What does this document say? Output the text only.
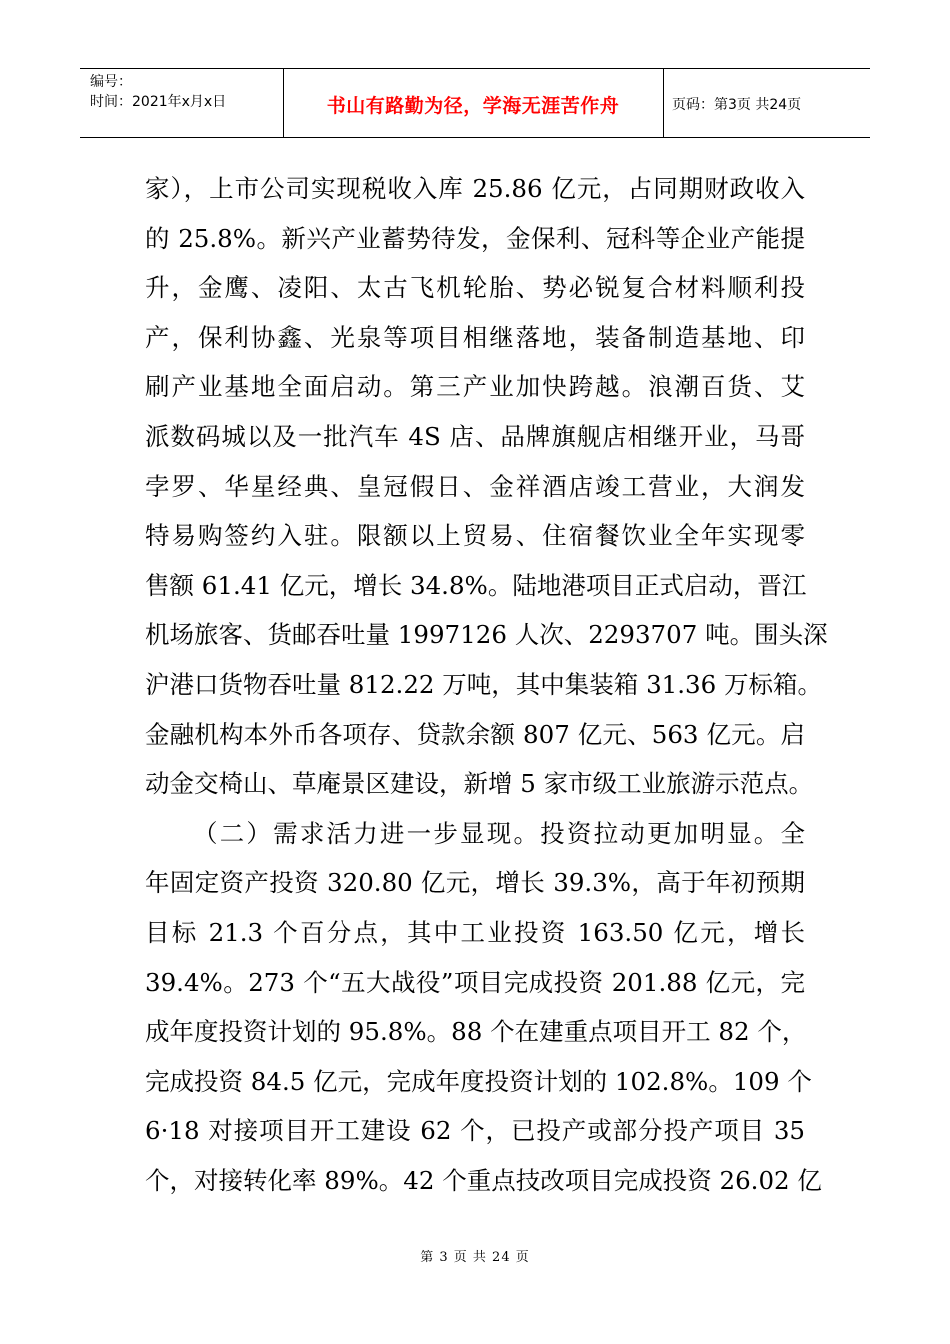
编号：
时间：2021年x月x日	书山有路勤为径，学海无涯苦作舟	页码：第3页 共24页
家），上市公司实现税收入库 25.86 亿元，占同期财政收入
的 25.8%。新兴产业蓄势待发，金保利、冠科等企业产能提
升，金鹰、凌阳、太古飞机轮胎、势必锐复合材料顺利投
产，保利协鑫、光泉等项目相继落地，装备制造基地、印
刷产业基地全面启动。第三产业加快跨越。浪潮百货、艾
派数码城以及一批汽车 4S 店、品牌旗舰店相继开业，马哥
孛罗、华星经典、皇冠假日、金祥酒店竣工营业，大润发
特易购签约入驻。限额以上贸易、住宿餐饮业全年实现零
售额 61.41 亿元，增长 34.8%。陆地港项目正式启动，晋江
机场旅客、货邮吞吐量 1997126 人次、2293707 吨。围头深
沪港口货物吞吐量 812.22 万吨，其中集装箱 31.36 万标箱。
金融机构本外币各项存、贷款余额 807 亿元、563 亿元。启
动金交椅山、草庵景区建设，新增 5 家市级工业旅游示范点。
（二）需求活力进一步显现。投资拉动更加明显。全
年固定资产投资 320.80 亿元，增长 39.3%，高于年初预期
目标 21.3 个百分点，其中工业投资 163.50 亿元，增长
39.4%。273 个“五大战役”项目完成投资 201.88 亿元，完
成年度投资计划的 95.8%。88 个在建重点项目开工 82 个，
完成投资 84.5 亿元，完成年度投资计划的 102.8%。109 个
6·18 对接项目开工建设 62 个，已投产或部分投产项目 35
个，对接转化率 89%。42 个重点技改项目完成投资 26.02 亿
第 3 页 共 24 页
